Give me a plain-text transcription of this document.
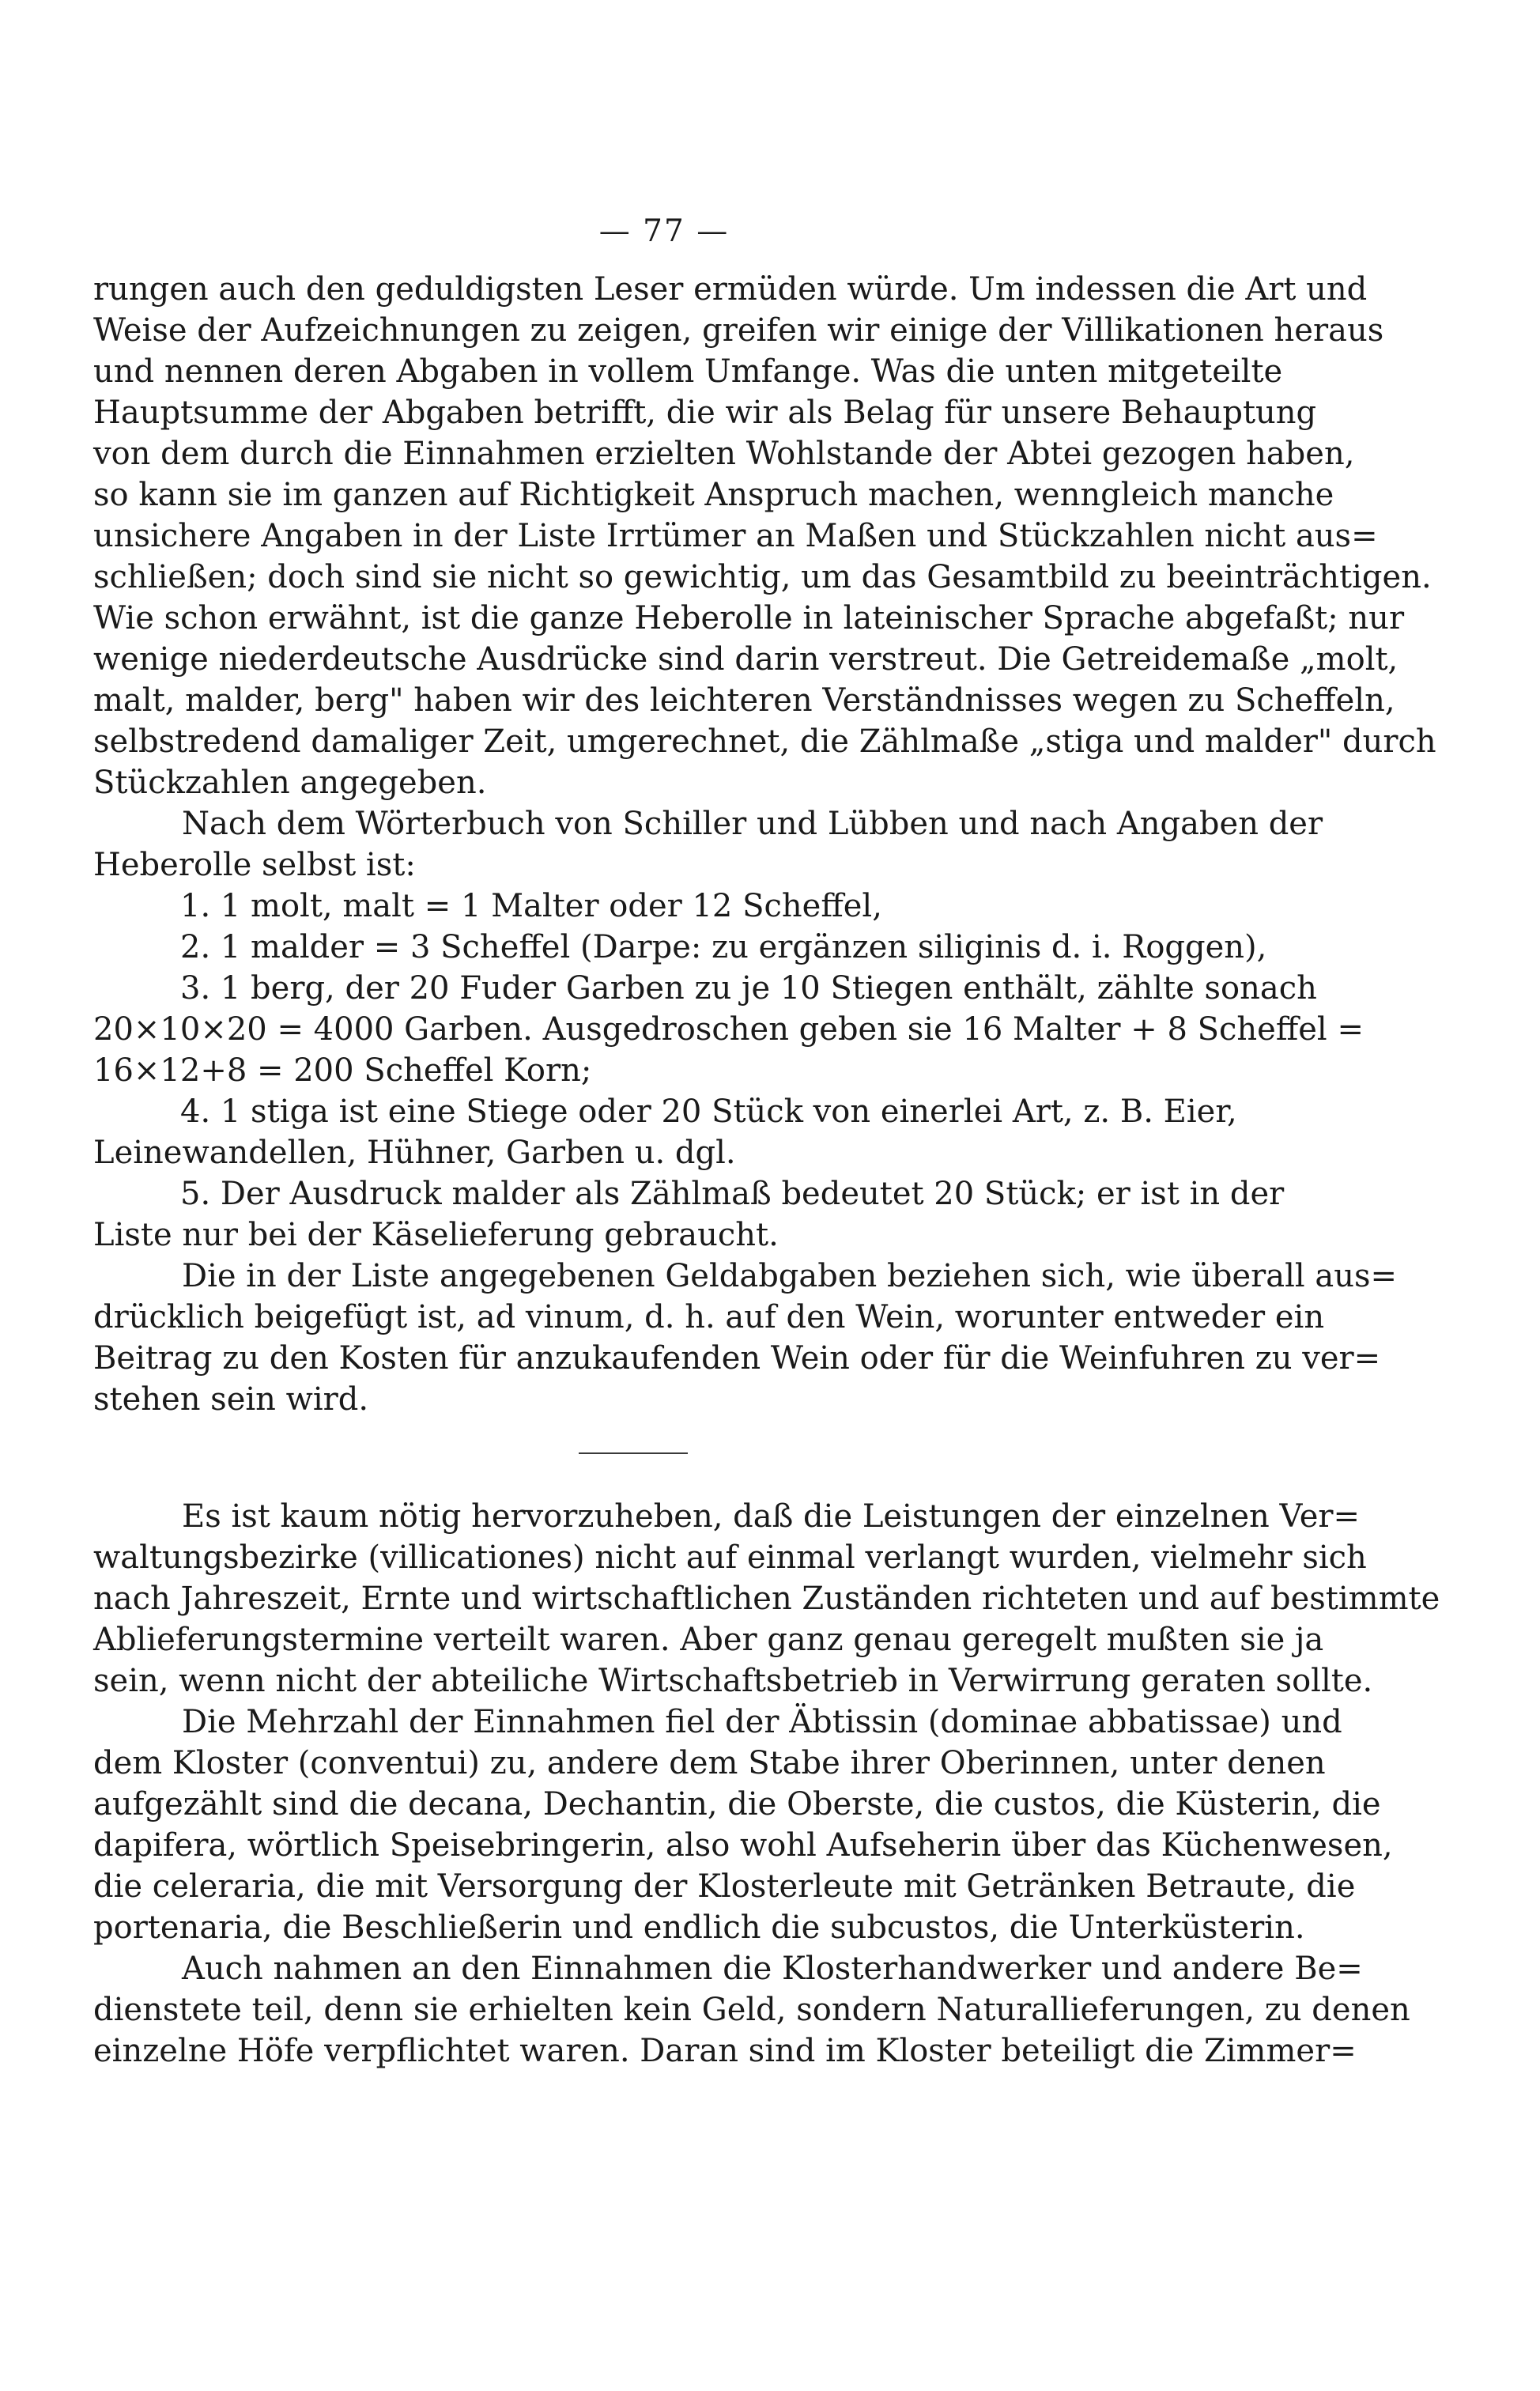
— 77 —
rungen auch den geduldigsten Leser ermüden würde. Um indessen die Art und
Weise der Aufzeichnungen zu zeigen, greifen wir einige der Villikationen heraus
und nennen deren Abgaben in vollem Umfange. Was die unten mitgeteilte
Hauptsumme der Abgaben betrifft, die wir als Belag für unsere Behauptung
von dem durch die Einnahmen erzielten Wohlstande der Abtei gezogen haben,
so kann sie im ganzen auf Richtigkeit Anspruch machen, wenngleich manche
unsichere Angaben in der Liste Irrtümer an Maßen und Stückzahlen nicht aus=
schließen; doch sind sie nicht so gewichtig, um das Gesamtbild zu beeinträchtigen.
Wie schon erwähnt, ist die ganze Heberolle in lateinischer Sprache abgefaßt; nur
wenige niederdeutsche Ausdrücke sind darin verstreut. Die Getreidemaße „molt,
malt, malder, berg" haben wir des leichteren Verständnisses wegen zu Scheffeln,
selbstredend damaliger Zeit, umgerechnet, die Zählmaße „stiga und malder" durch
Stückzahlen angegeben.
Nach dem Wörterbuch von Schiller und Lübben und nach Angaben der
Heberolle selbst ist:
1. 1 molt, malt = 1 Malter oder 12 Scheffel,
2. 1 malder = 3 Scheffel (Darpe: zu ergänzen siliginis d. i. Roggen),
3. 1 berg, der 20 Fuder Garben zu je 10 Stiegen enthält, zählte sonach
20×10×20 = 4000 Garben. Ausgedroschen geben sie 16 Malter + 8 Scheffel =
16×12+8 = 200 Scheffel Korn;
4. 1 stiga ist eine Stiege oder 20 Stück von einerlei Art, z. B. Eier,
Leinewandellen, Hühner, Garben u. dgl.
5. Der Ausdruck malder als Zählmaß bedeutet 20 Stück; er ist in der
Liste nur bei der Käselieferung gebraucht.
Die in der Liste angegebenen Geldabgaben beziehen sich, wie überall aus=
drücklich beigefügt ist, ad vinum, d. h. auf den Wein, worunter entweder ein
Beitrag zu den Kosten für anzukaufenden Wein oder für die Weinfuhren zu ver=
stehen sein wird.
Es ist kaum nötig hervorzuheben, daß die Leistungen der einzelnen Ver=
waltungsbezirke (villicationes) nicht auf einmal verlangt wurden, vielmehr sich
nach Jahreszeit, Ernte und wirtschaftlichen Zuständen richteten und auf bestimmte
Ablieferungstermine verteilt waren. Aber ganz genau geregelt mußten sie ja
sein, wenn nicht der abteiliche Wirtschaftsbetrieb in Verwirrung geraten sollte.
Die Mehrzahl der Einnahmen fiel der Äbtissin (dominae abbatissae) und
dem Kloster (conventui) zu, andere dem Stabe ihrer Oberinnen, unter denen
aufgezählt sind die decana, Dechantin, die Oberste, die custos, die Küsterin, die
dapifera, wörtlich Speisebringerin, also wohl Aufseherin über das Küchenwesen,
die celeraria, die mit Versorgung der Klosterleute mit Getränken Betraute, die
portenaria, die Beschließerin und endlich die subcustos, die Unterküsterin.
Auch nahmen an den Einnahmen die Klosterhandwerker und andere Be=
dienstete teil, denn sie erhielten kein Geld, sondern Naturallieferungen, zu denen
einzelne Höfe verpflichtet waren. Daran sind im Kloster beteiligt die Zimmer=
